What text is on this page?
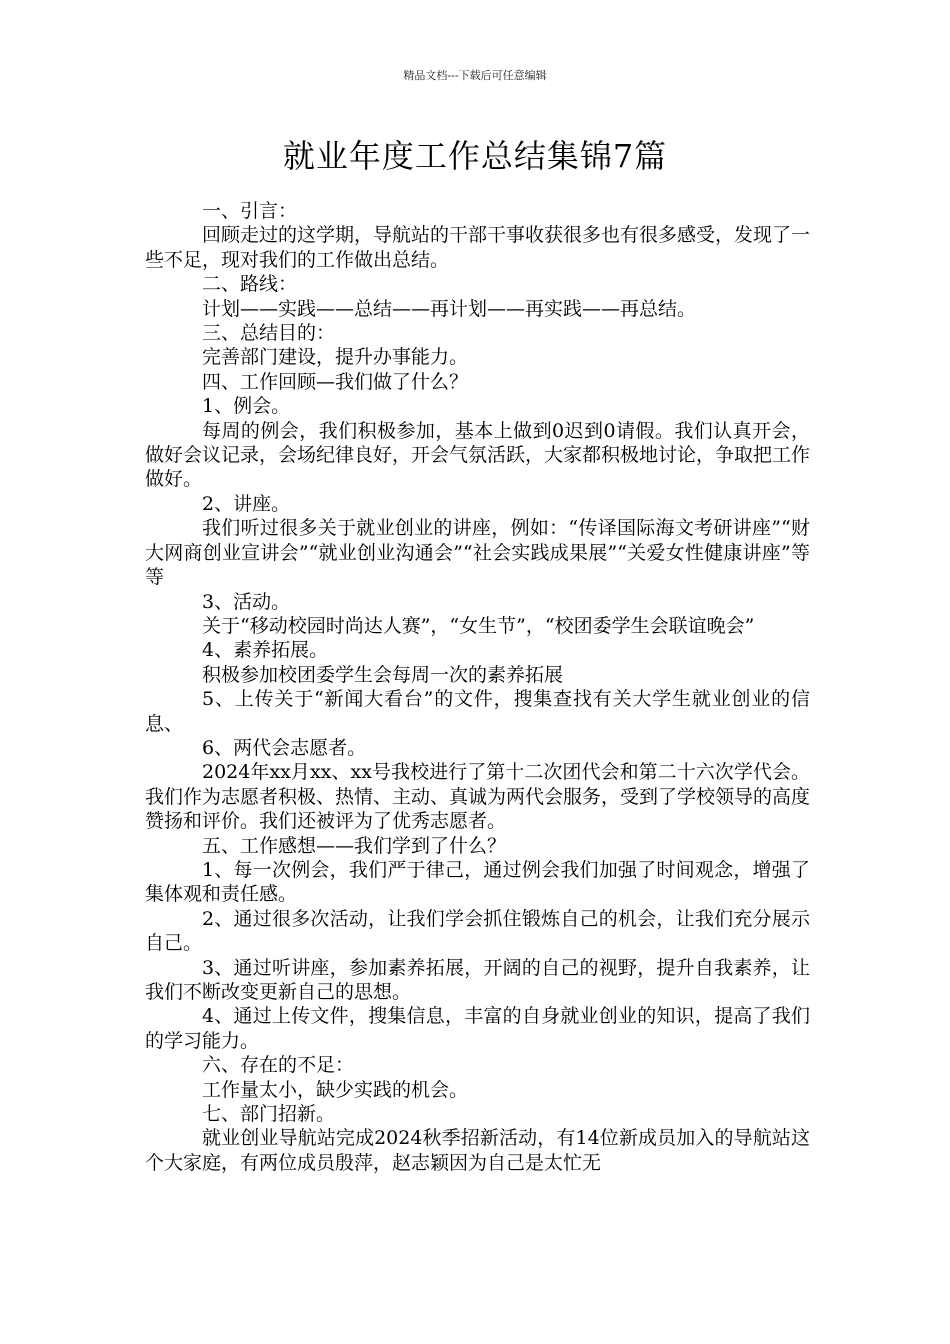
精品文档---下载后可任意编辑
就业年度工作总结集锦7篇

一、引言：

回顾走过的这学期，导航站的干部干事收获很多也有很多感受，发现了一些不足，现对我们的工作做出总结。

二、路线：

计划——实践——总结——再计划——再实践——再总结。

三、总结目的：

完善部门建设，提升办事能力。

四、工作回顾—我们做了什么？

1、例会。

每周的例会，我们积极参加，基本上做到0迟到0请假。我们认真开会，做好会议记录，会场纪律良好，开会气氛活跃，大家都积极地讨论，争取把工作做好。

2、讲座。

我们听过很多关于就业创业的讲座，例如：“传译国际海文考研讲座”“财大网商创业宣讲会”“就业创业沟通会”“社会实践成果展”“关爱女性健康讲座”等等

3、活动。

关于“移动校园时尚达人赛”，“女生节”，“校团委学生会联谊晚会”

4、素养拓展。

积极参加校团委学生会每周一次的素养拓展

5、上传关于“新闻大看台”的文件，搜集查找有关大学生就业创业的信息、

6、两代会志愿者。

2024年xx月xx、xx号我校进行了第十二次团代会和第二十六次学代会。我们作为志愿者积极、热情、主动、真诚为两代会服务，受到了学校领导的高度赞扬和评价。我们还被评为了优秀志愿者。

五、工作感想——我们学到了什么？

1、每一次例会，我们严于律己，通过例会我们加强了时间观念，增强了集体观和责任感。

2、通过很多次活动，让我们学会抓住锻炼自己的机会，让我们充分展示自己。

3、通过听讲座，参加素养拓展，开阔的自己的视野，提升自我素养，让我们不断改变更新自己的思想。

4、通过上传文件，搜集信息，丰富的自身就业创业的知识，提高了我们的学习能力。

六、存在的不足：

工作量太小，缺少实践的机会。

七、部门招新。

就业创业导航站完成2024秋季招新活动，有14位新成员加入的导航站这个大家庭，有两位成员殷萍，赵志颖因为自己是太忙无
